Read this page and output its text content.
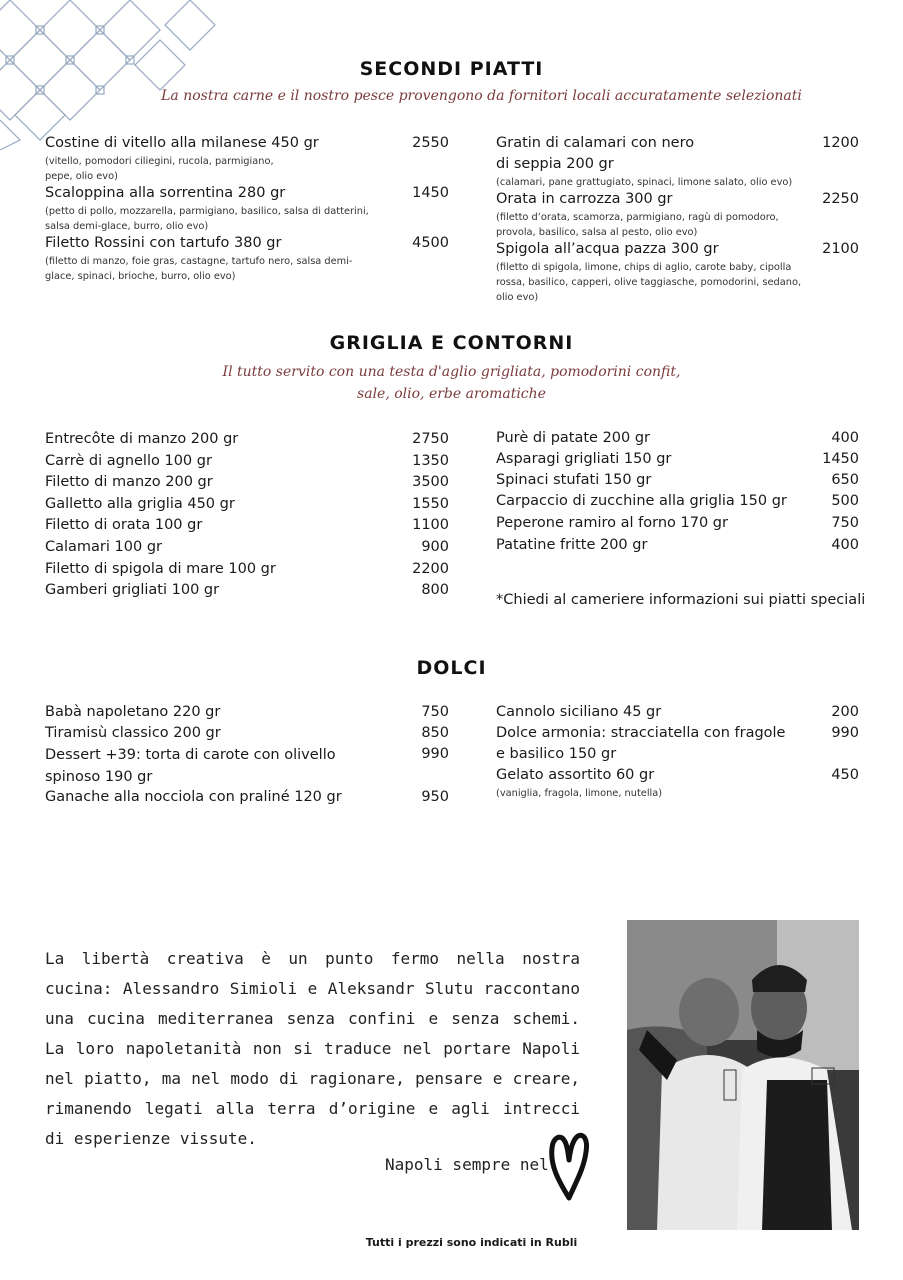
SECONDI PIATTI
La nostra carne e il nostro pesce provengono da fornitori locali accuratamente selezionati
Costine di vitello alla milanese 450 gr	2550
(vitello, pomodori ciliegini, rucola, parmigiano, pepe, olio evo)
Scaloppina alla sorrentina 280 gr	1450
(petto di pollo, mozzarella, parmigiano, basilico, salsa di datterini, salsa demi-glace, burro, olio evo)
Filetto Rossini con tartufo 380 gr	4500
(filetto di manzo, foie gras, castagne, tartufo nero, salsa demi-glace, spinaci, brioche, burro, olio evo)
Gratin di calamari con nero di seppia 200 gr
1200
(calamari, pane grattugiato, spinaci, limone salato, olio evo)
Orata in carrozza 300 gr	2250
(filetto d’orata, scamorza, parmigiano, ragù di pomodoro, provola, basilico, salsa al pesto, olio evo)
Spigola all’acqua pazza 300 gr	2100
(filetto di spigola, limone, chips di aglio, carote baby, cipolla rossa, basilico, capperi, olive taggiasche, pomodorini, sedano, olio evo)
GRIGLIA E CONTORNI
Il tutto servito con una testa d'aglio grigliata, pomodorini confit,
sale, olio, erbe aromatiche
Entrecôte di manzo 200 gr	2750
Carrè di agnello 100 gr	1350
Filetto di manzo 200 gr	3500
Galletto alla griglia 450 gr	1550
Filetto di orata 100 gr	1100
Calamari 100 gr	900
Filetto di spigola di mare 100 gr	2200
Gamberi grigliati 100 gr	800
Purè di patate 200 gr	400
Asparagi grigliati 150 gr	1450
Spinaci stufati 150 gr	650
Carpaccio di zucchine alla griglia 150 gr	500
Peperone ramiro al forno 170 gr	750
Patatine fritte 200 gr	400
*Chiedi al cameriere informazioni sui piatti speciali
DOLCI
Babà napoletano 220 gr	750
Tiramisù classico 200 gr	850
Dessert +39: torta di carote con olivello spinoso 190 gr
990
Ganache alla nocciola con praliné 120 gr	950
Cannolo siciliano 45 gr	200
Dolce armonia: stracciatella con fragole e basilico 150 gr
990
Gelato assortito 60 gr	450
(vaniglia, fragola, limone, nutella)
La libertà creativa è un punto fermo nella nostra cucina: Alessandro Simioli e Aleksandr Slutu raccontano una cucina mediterranea senza confini e senza schemi. La loro napoletanità non si traduce nel portare Napoli nel piatto, ma nel modo di ragionare, pensare e creare, rimanendo legati alla terra d’origine e agli intrecci di esperienze vissute.
Napoli sempre nel
Tutti i prezzi sono indicati in Rubli
